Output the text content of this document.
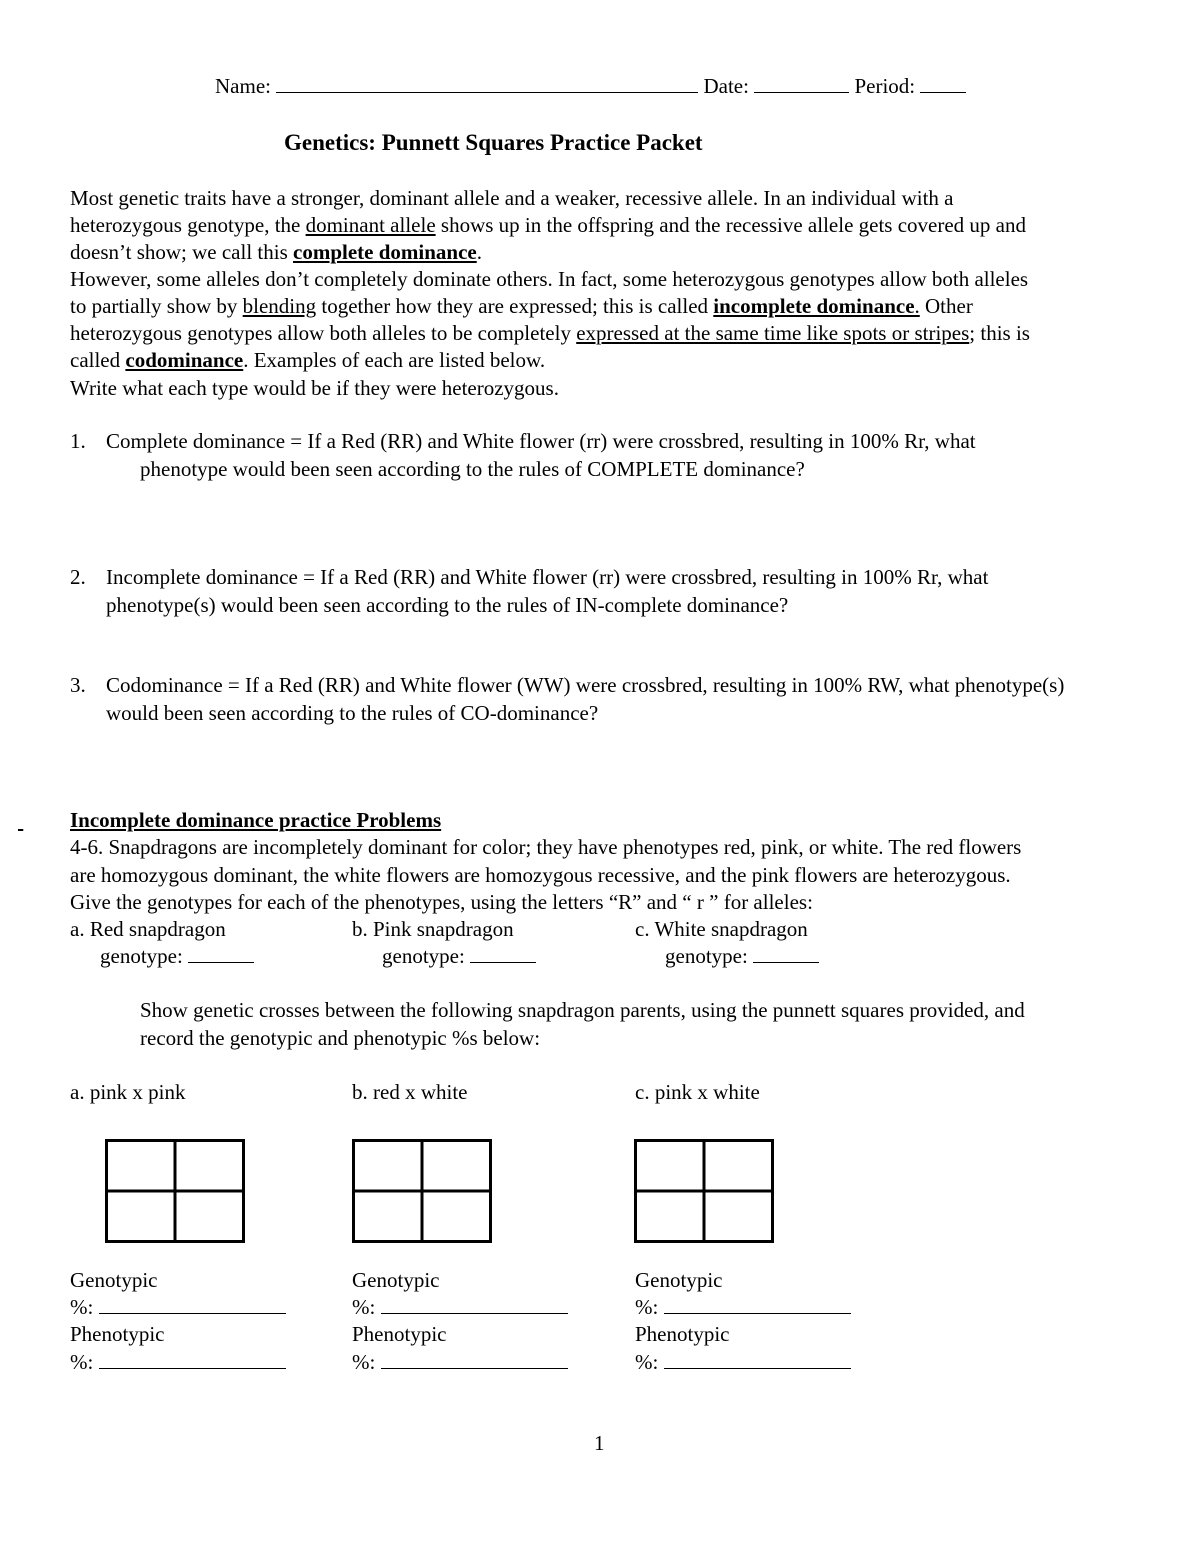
Name:	Date:	Period:
Genetics: Punnett Squares Practice Packet
Most genetic traits have a stronger, dominant allele and a weaker, recessive allele. In an individual with a
heterozygous genotype, the dominant allele shows up in the offspring and the recessive allele gets covered up and
doesn’t show; we call this complete dominance.
However, some alleles don’t completely dominate others. In fact, some heterozygous genotypes allow both alleles
to partially show by blending together how they are expressed; this is called incomplete dominance. Other
heterozygous genotypes allow both alleles to be completely expressed at the same time like spots or stripes; this is
called codominance. Examples of each are listed below.
Write what each type would be if they were heterozygous.
1. Complete dominance = If a Red (RR) and White flower (rr) were crossbred, resulting in 100% Rr, what
phenotype would been seen according to the rules of COMPLETE dominance?
2. Incomplete dominance = If a Red (RR) and White flower (rr) were crossbred, resulting in 100% Rr, what
phenotype(s) would been seen according to the rules of IN-complete dominance?
3. Codominance = If a Red (RR) and White flower (WW) were crossbred, resulting in 100% RW, what phenotype(s)
would been seen according to the rules of CO-dominance?
Incomplete dominance practice Problems
4-6. Snapdragons are incompletely dominant for color; they have phenotypes red, pink, or white. The red flowers
are homozygous dominant, the white flowers are homozygous recessive, and the pink flowers are heterozygous.
Give the genotypes for each of the phenotypes, using the letters “R” and “ r ” for alleles:
a. Red snapdragon	b. Pink snapdragon	c. White snapdragon
genotype:	genotype:	genotype:
Show genetic crosses between the following snapdragon parents, using the punnett squares provided, and
record the genotypic and phenotypic %s below:
a. pink x pink	b. red x white	c. pink x white
Genotypic
%:
Phenotypic
%:
Genotypic
%:
Phenotypic
%:
Genotypic
%:
Phenotypic
%:
1
